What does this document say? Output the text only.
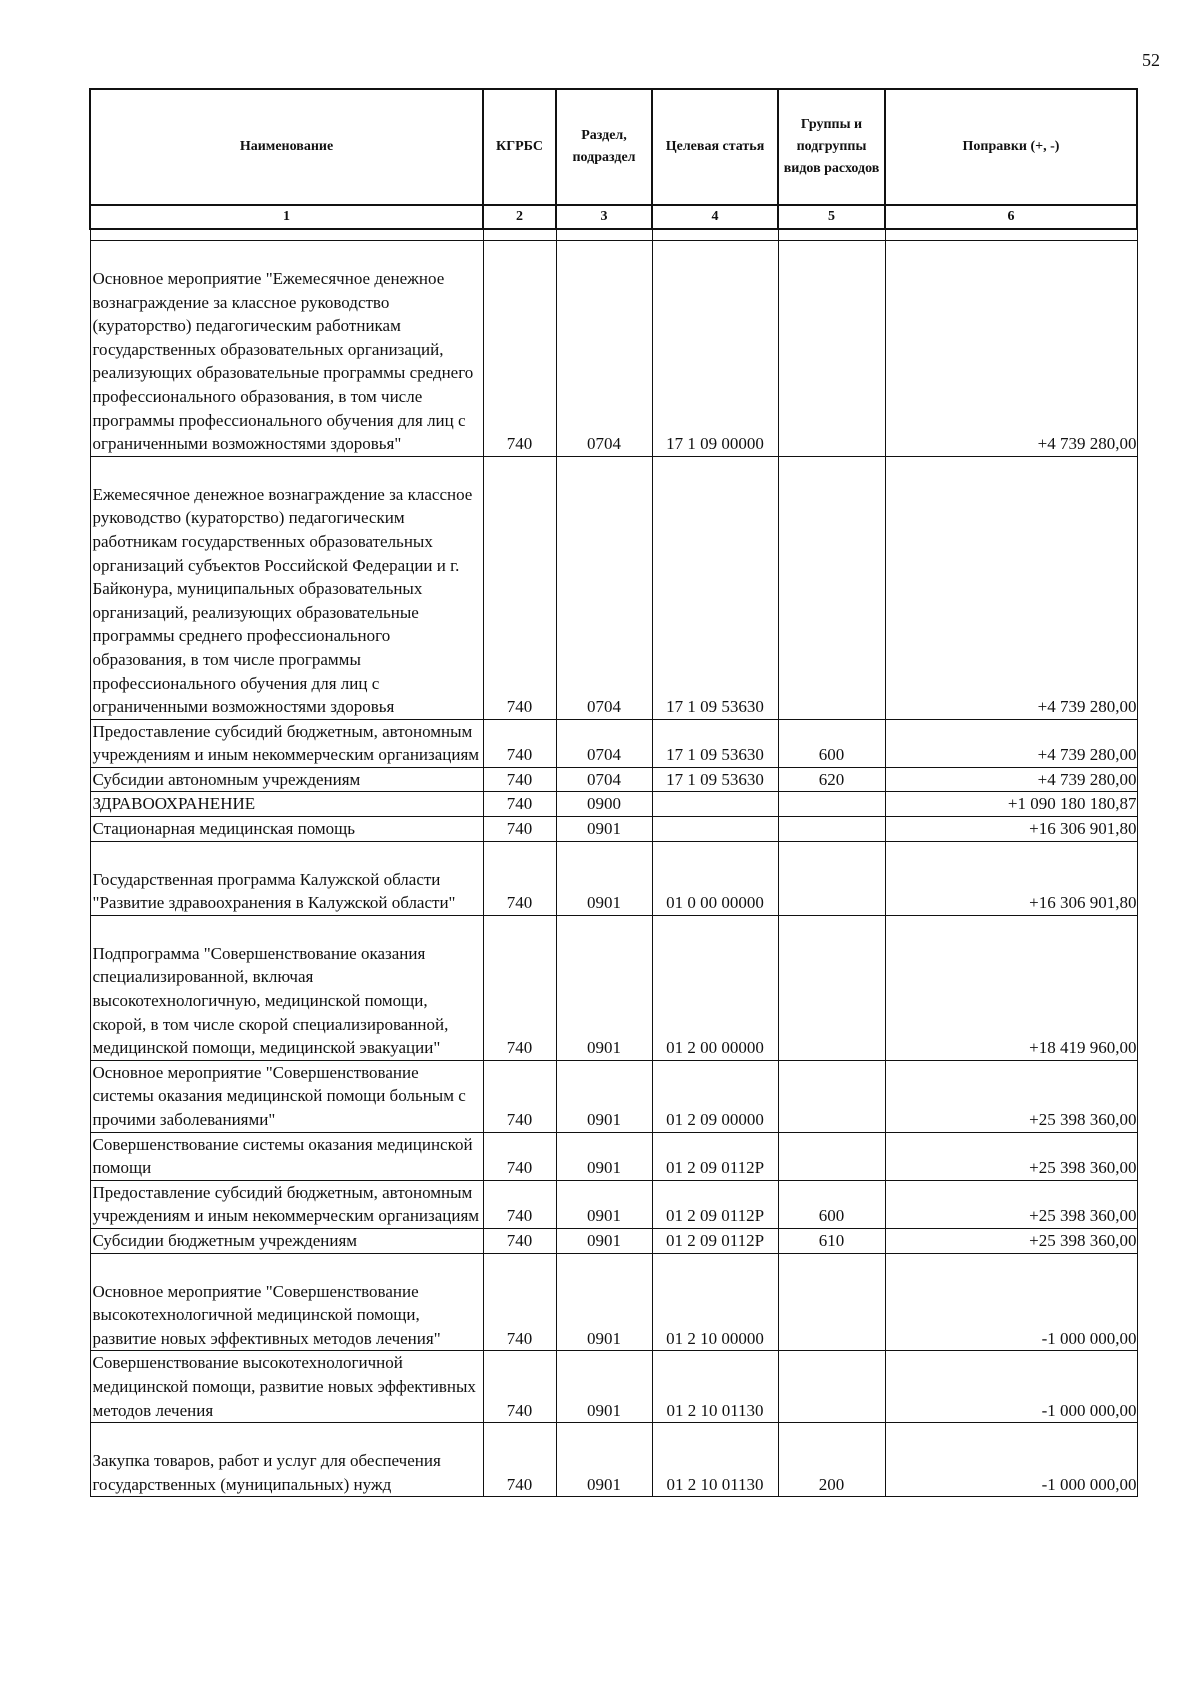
52
Наименование	КГРБС	Раздел, подраздел	Целевая статья	Группы и подгруппы видов расходов	Поправки (+, -)
1	2	3	4	5	6

Основное мероприятие "Ежемесячное денежное вознаграждение за классное руководство (кураторство) педагогическим работникам государственных образовательных организаций, реализующих образовательные программы среднего профессионального образования, в том числе программы профессионального обучения для лиц с ограниченными возможностями здоровья"	740	0704	17 1 09 00000		+4 739 280,00
Ежемесячное денежное вознаграждение за классное руководство (кураторство) педагогическим работникам государственных образовательных организаций субъектов Российской Федерации и г. Байконура, муниципальных образовательных организаций, реализующих образовательные программы среднего профессионального образования, в том числе программы профессионального обучения для лиц с ограниченными возможностями здоровья	740	0704	17 1 09 53630		+4 739 280,00
Предоставление субсидий бюджетным, автономным учреждениям и иным некоммерческим организациям	740	0704	17 1 09 53630	600	+4 739 280,00
Субсидии автономным учреждениям	740	0704	17 1 09 53630	620	+4 739 280,00
ЗДРАВООХРАНЕНИЕ	740	0900			+1 090 180 180,87
Стационарная медицинская помощь	740	0901			+16 306 901,80
Государственная программа Калужской области "Развитие здравоохранения в Калужской области"	740	0901	01 0 00 00000		+16 306 901,80
Подпрограмма "Совершенствование оказания специализированной, включая высокотехнологичную, медицинской помощи, скорой, в том числе скорой специализированной, медицинской помощи, медицинской эвакуации"	740	0901	01 2 00 00000		+18 419 960,00
Основное мероприятие "Совершенствование системы оказания медицинской помощи больным с прочими заболеваниями"	740	0901	01 2 09 00000		+25 398 360,00
Совершенствование системы оказания медицинской помощи	740	0901	01 2 09 0112P		+25 398 360,00
Предоставление субсидий бюджетным, автономным учреждениям и иным некоммерческим организациям	740	0901	01 2 09 0112P	600	+25 398 360,00
Субсидии бюджетным учреждениям	740	0901	01 2 09 0112P	610	+25 398 360,00
Основное мероприятие "Совершенствование высокотехнологичной медицинской помощи, развитие новых эффективных методов лечения"	740	0901	01 2 10 00000		-1 000 000,00
Совершенствование высокотехнологичной медицинской помощи, развитие новых эффективных методов лечения	740	0901	01 2 10 01130		-1 000 000,00
Закупка товаров, работ и услуг для обеспечения государственных (муниципальных) нужд	740	0901	01 2 10 01130	200	-1 000 000,00
